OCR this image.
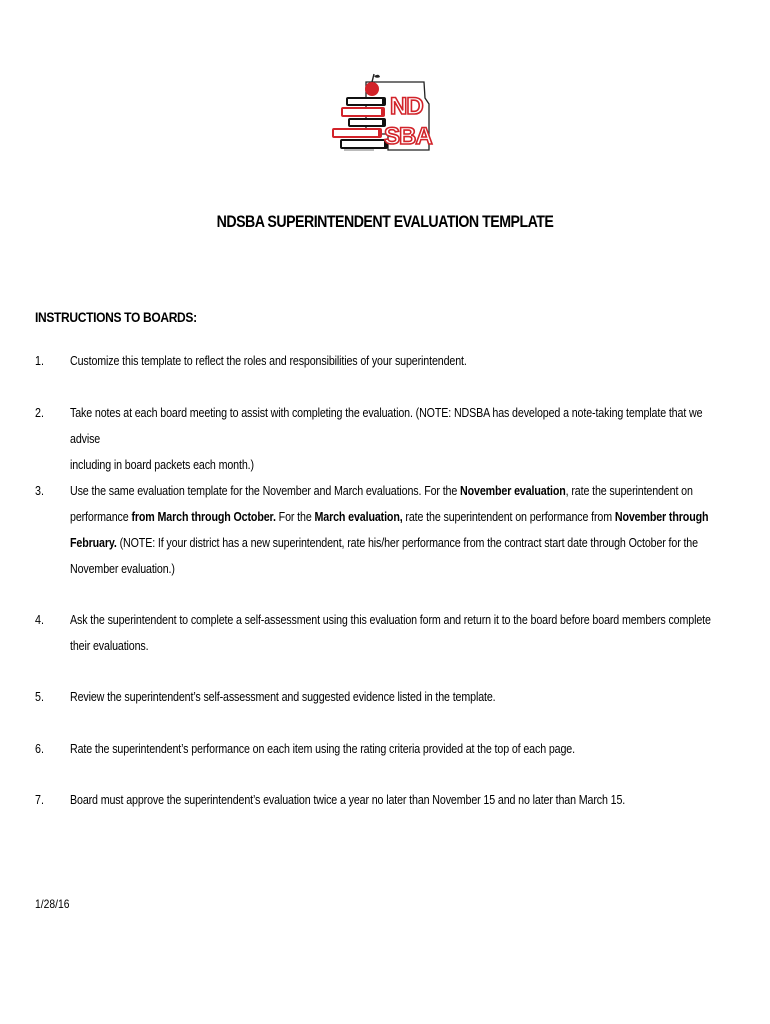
ND
SBA
NDSBA SUPERINTENDENT EVALUATION TEMPLATE
INSTRUCTIONS TO BOARDS:
1. Customize this template to reflect the roles and responsibilities of your superintendent.
2. Take notes at each board meeting to assist with completing the evaluation. (NOTE: NDSBA has developed a note-taking template that we advise
including in board packets each month.)
3. Use the same evaluation template for the November and March evaluations. For the November evaluation, rate the superintendent on
performance from March through October. For the March evaluation, rate the superintendent on performance from November through
February. (NOTE: If your district has a new superintendent, rate his/her performance from the contract start date through October for the
November evaluation.)
4. Ask the superintendent to complete a self-assessment using this evaluation form and return it to the board before board members complete
their evaluations.
5. Review the superintendent’s self-assessment and suggested evidence listed in the template.
6. Rate the superintendent’s performance on each item using the rating criteria provided at the top of each page.
7. Board must approve the superintendent’s evaluation twice a year no later than November 15 and no later than March 15.
1/28/16
